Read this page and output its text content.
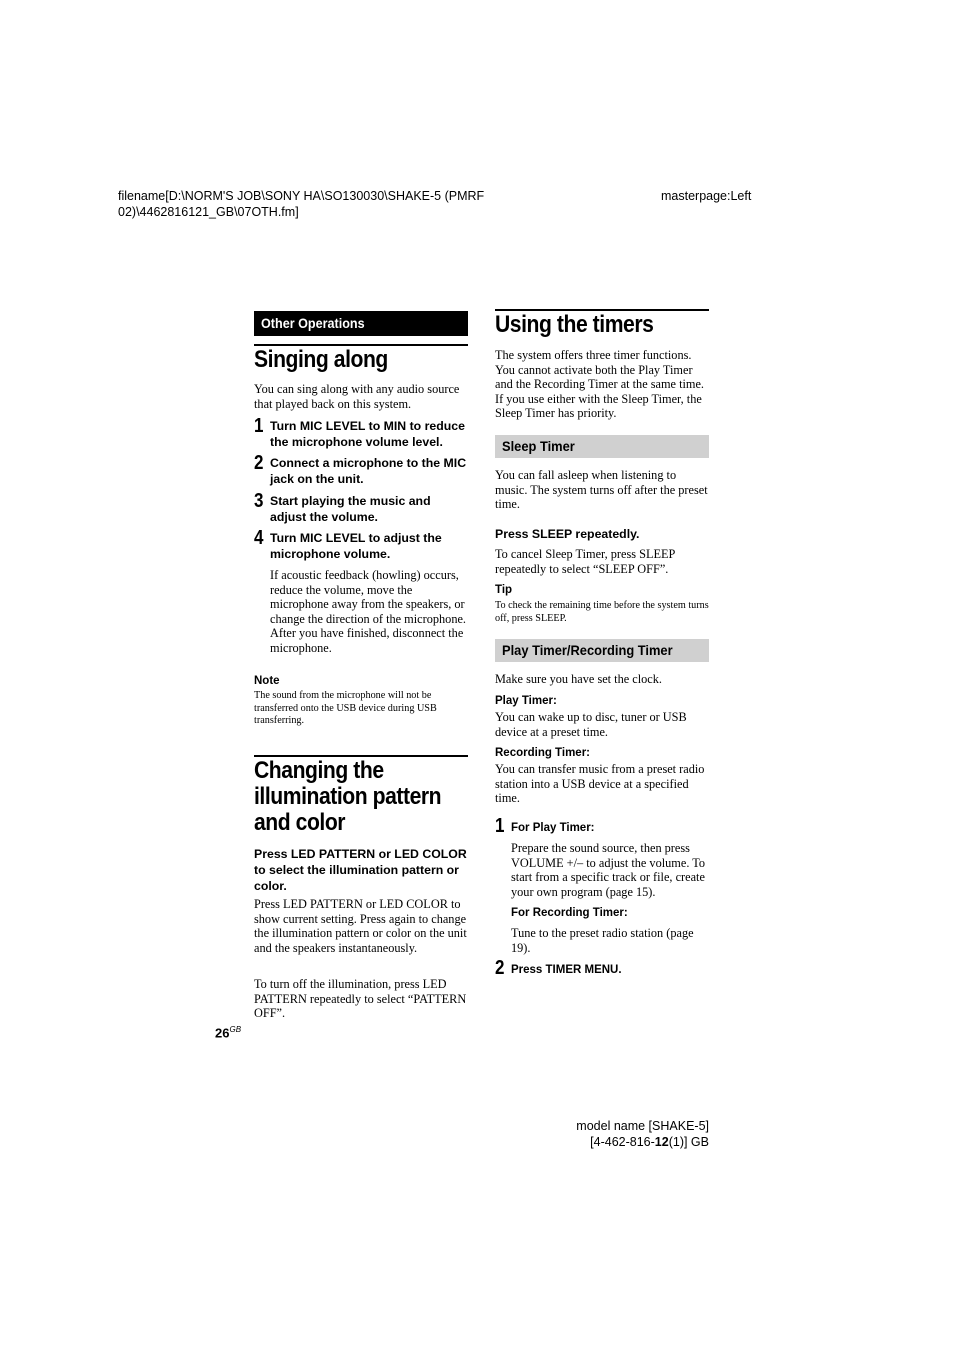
filename[D:\NORM'S JOB\SONY HA\SO130030\SHAKE-5 (PMRF
02)\4462816121_GB\07OTH.fm]
masterpage:Left
Other Operations
Singing along
You can sing along with any audio source that played back on this system.
1 Turn MIC LEVEL to MIN to reduce the microphone volume level.
2 Connect a microphone to the MIC jack on the unit.
3 Start playing the music and adjust the volume.
4 Turn MIC LEVEL to adjust the microphone volume.
If acoustic feedback (howling) occurs, reduce the volume, move the microphone away from the speakers, or change the direction of the microphone.
After you have finished, disconnect the microphone.
Note
The sound from the microphone will not be transferred onto the USB device during USB transferring.
Changing the illumination pattern and color
Press LED PATTERN or LED COLOR to select the illumination pattern or color.
Press LED PATTERN or LED COLOR to show current setting. Press again to change the illumination pattern or color on the unit and the speakers instantaneously.
To turn off the illumination, press LED PATTERN repeatedly to select “PATTERN OFF”.
$26^{GB}$
Using the timers
The system offers three timer functions. You cannot activate both the Play Timer and the Recording Timer at the same time. If you use either with the Sleep Timer, the Sleep Timer has priority.
Sleep Timer
You can fall asleep when listening to music. The system turns off after the preset time.
Press SLEEP repeatedly.
To cancel Sleep Timer, press SLEEP repeatedly to select “SLEEP OFF”.
Tip
To check the remaining time before the system turns off, press SLEEP.
Play Timer/Recording Timer
Make sure you have set the clock.
Play Timer:
You can wake up to disc, tuner or USB device at a preset time.
Recording Timer:
You can transfer music from a preset radio station into a USB device at a specified time.
1 For Play Timer:
Prepare the sound source, then press VOLUME +/– to adjust the volume. To start from a specific track or file, create your own program (page 15).
For Recording Timer:
Tune to the preset radio station (page 19).
2 Press TIMER MENU.
model name [SHAKE-5]
[4-462-816-12(1)] GB
